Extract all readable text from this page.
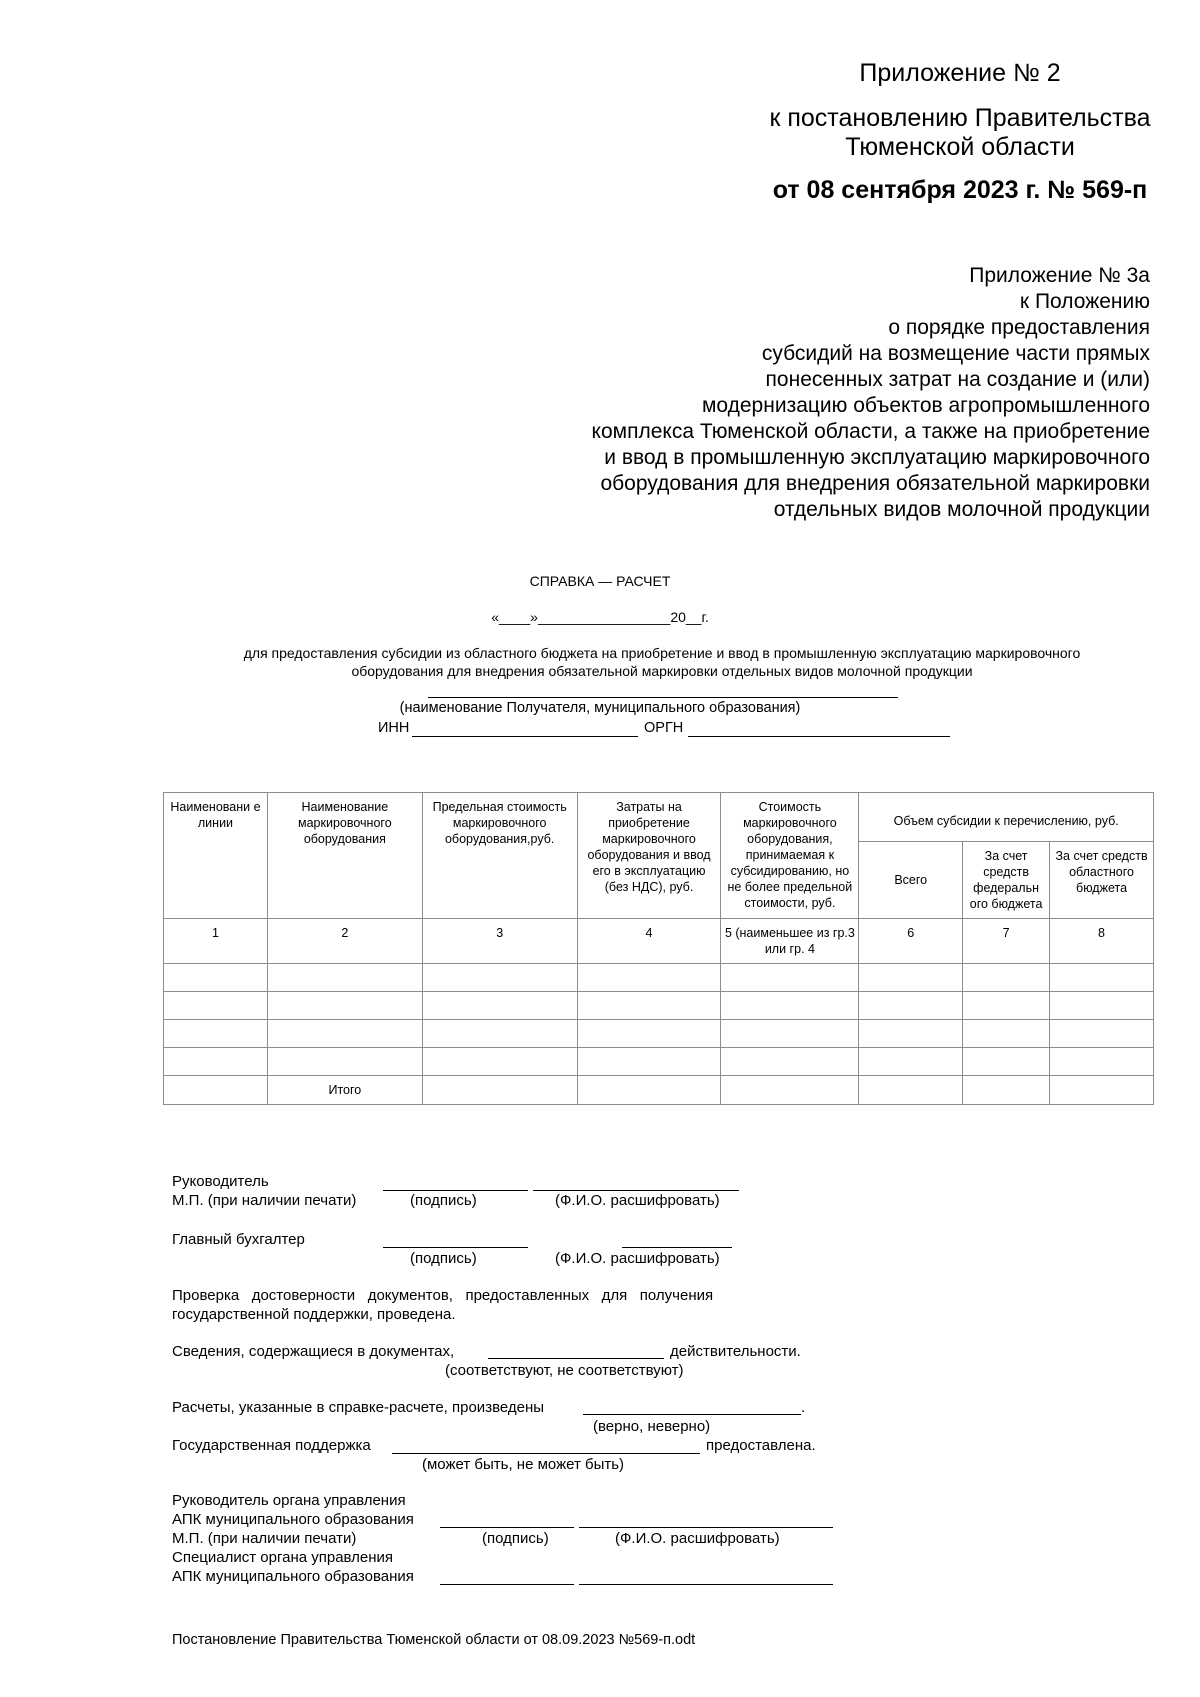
Приложение № 2
к постановлению Правительства
Тюменской области
от 08 сентября 2023 г. № 569-п
Приложение № 3а
к Положению
о порядке предоставления
субсидий на возмещение части прямых
понесенных затрат на создание и (или)
модернизацию объектов агропромышленного
комплекса Тюменской области, а также на приобретение
и ввод в промышленную эксплуатацию маркировочного
оборудования для внедрения обязательной маркировки
отдельных видов молочной продукции
СПРАВКА — РАСЧЕТ
«____»_________________20__г.
для предоставления субсидии из областного бюджета на приобретение и ввод в промышленную эксплуатацию маркировочного
оборудования для внедрения обязательной маркировки отдельных видов молочной продукции
(наименование Получателя, муниципального образования)
ИНН	ОРГН
Наименовани е линии	Наименование маркировочного оборудования	Предельная стоимость маркировочного оборудования,руб.	Затраты на приобретение маркировочного оборудования и ввод его в эксплуатацию (без НДС), руб.	Стоимость маркировочного оборудования, принимаемая к субсидированию, но не более предельной стоимости, руб.	Объем субсидии к перечислению, руб.		
					Всего	За счет средств федеральн ого бюджета	За счет средств областного бюджета
1	2	3	4	5 (наименьшее из гр.3 или гр. 4	6	7	8

	Итого						
Руководитель
М.П. (при наличии печати)	(подпись)	(Ф.И.О. расшифровать)
Главный бухгалтер
(подпись)	(Ф.И.О. расшифровать)
Проверка   достоверности   документов,   предоставленных   для   получения
государственной поддержки, проведена.
Сведения, содержащиеся в документах,	действительности.
(соответствуют, не соответствуют)
Расчеты, указанные в справке-расчете, произведены	.
(верно, неверно)
Государственная поддержка	предоставлена.
(может быть, не может быть)
Руководитель органа управления
АПК муниципального образования
М.П. (при наличии печати)	(подпись)	(Ф.И.О. расшифровать)
Специалист органа управления
АПК муниципального образования
Постановление Правительства Тюменской области от 08.09.2023 №569-п.odt
